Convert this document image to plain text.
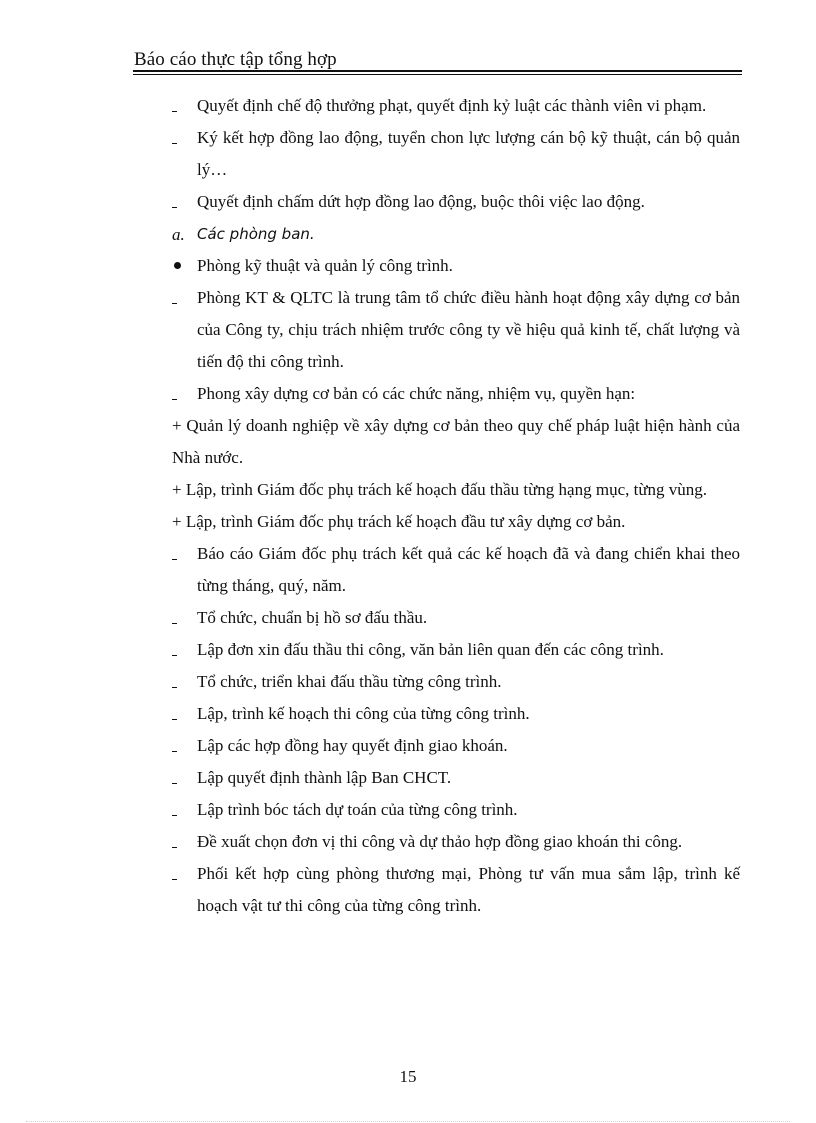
Báo cáo thực tập tổng hợp
Quyết định chế độ thưởng phạt, quyết định kỷ luật các thành viên vi phạm.
Ký kết hợp đồng lao động, tuyển chon lực lượng cán bộ kỹ thuật, cán bộ quản lý…
Quyết định chấm dứt hợp đồng lao động, buộc thôi việc lao động.
a. Các phòng ban.
Phòng kỹ thuật và quản lý công trình.
Phòng KT & QLTC là trung tâm tổ chức điều hành hoạt động xây dựng cơ bản của Công ty, chịu trách nhiệm trước công ty về hiệu quả kinh tế, chất lượng và tiến độ thi công trình.
Phong xây dựng cơ bản có các chức năng, nhiệm vụ, quyền hạn:
+ Quản lý doanh nghiệp về xây dựng cơ bản theo quy chế pháp luật hiện hành của Nhà nước.
+ Lập, trình Giám đốc phụ trách kế hoạch đấu thầu từng hạng mục, từng vùng.
+ Lập, trình Giám đốc phụ trách kế hoạch đầu tư xây dựng cơ bản.
Báo cáo Giám đốc phụ trách kết quả các kế hoạch đã và đang chiển khai theo từng tháng, quý, năm.
Tổ chức, chuẩn bị hồ sơ đấu thầu.
Lập đơn xin đấu thầu thi công, văn bản liên quan đến các công trình.
Tổ chức, triển khai đấu thầu từng công trình.
Lập, trình kế hoạch thi công của từng công trình.
Lập các hợp đồng hay quyết định giao khoán.
Lập quyết định thành lập Ban CHCT.
Lập trình bóc tách dự toán của từng công trình.
Đề xuất chọn đơn vị thi công và dự thảo hợp đồng giao khoán thi công.
Phối kết hợp cùng phòng thương mại, Phòng tư vấn mua sắm lập, trình kế hoạch vật tư thi công của từng công trình.
15
